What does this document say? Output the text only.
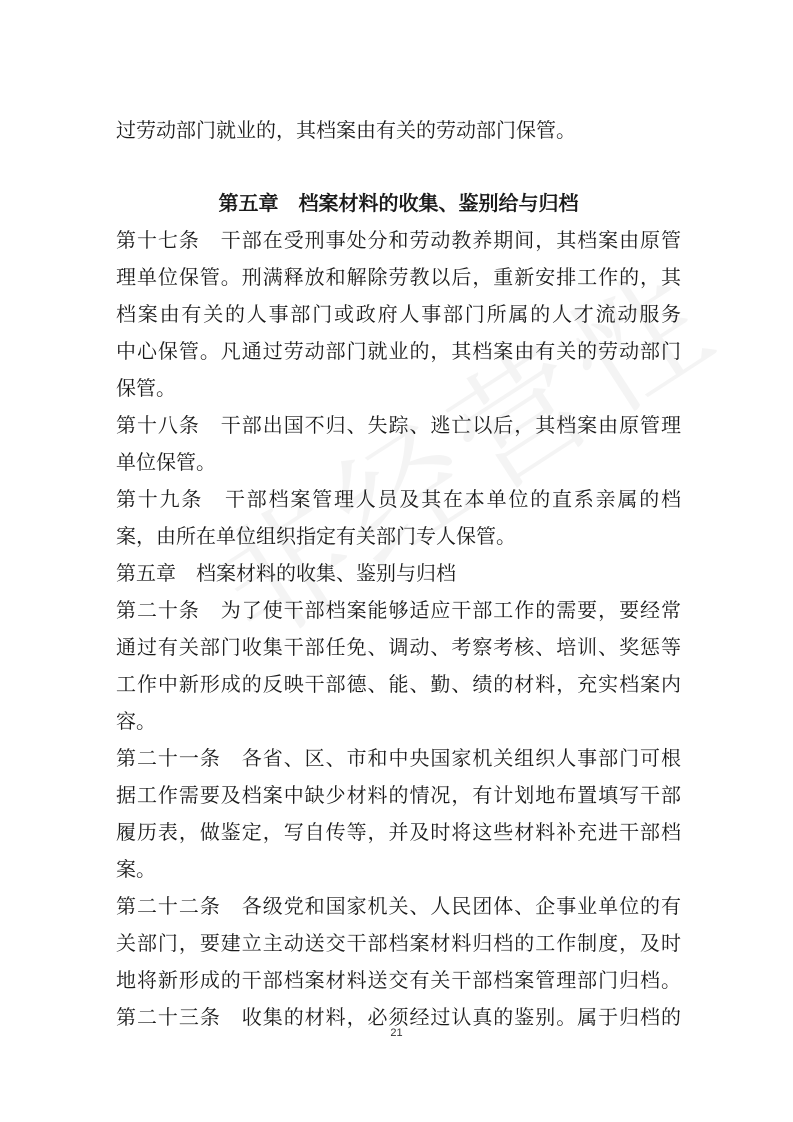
过劳动部门就业的，其档案由有关的劳动部门保管。
第五章　档案材料的收集、鉴别给与归档
第十七条　干部在受刑事处分和劳动教养期间，其档案由原管
理单位保管。刑满释放和解除劳教以后，重新安排工作的，其
档案由有关的人事部门或政府人事部门所属的人才流动服务
中心保管。凡通过劳动部门就业的，其档案由有关的劳动部门
保管。
第十八条　干部出国不归、失踪、逃亡以后，其档案由原管理
单位保管。
第十九条　干部档案管理人员及其在本单位的直系亲属的档
案，由所在单位组织指定有关部门专人保管。
第五章　档案材料的收集、鉴别与归档
第二十条　为了使干部档案能够适应干部工作的需要，要经常
通过有关部门收集干部任免、调动、考察考核、培训、奖惩等
工作中新形成的反映干部德、能、勤、绩的材料，充实档案内
容。
第二十一条　各省、区、市和中央国家机关组织人事部门可根
据工作需要及档案中缺少材料的情况，有计划地布置填写干部
履历表，做鉴定，写自传等，并及时将这些材料补充进干部档
案。
第二十二条　各级党和国家机关、人民团体、企事业单位的有
关部门，要建立主动送交干部档案材料归档的工作制度，及时
地将新形成的干部档案材料送交有关干部档案管理部门归档。
第二十三条　收集的材料，必须经过认真的鉴别。属于归档的
21
